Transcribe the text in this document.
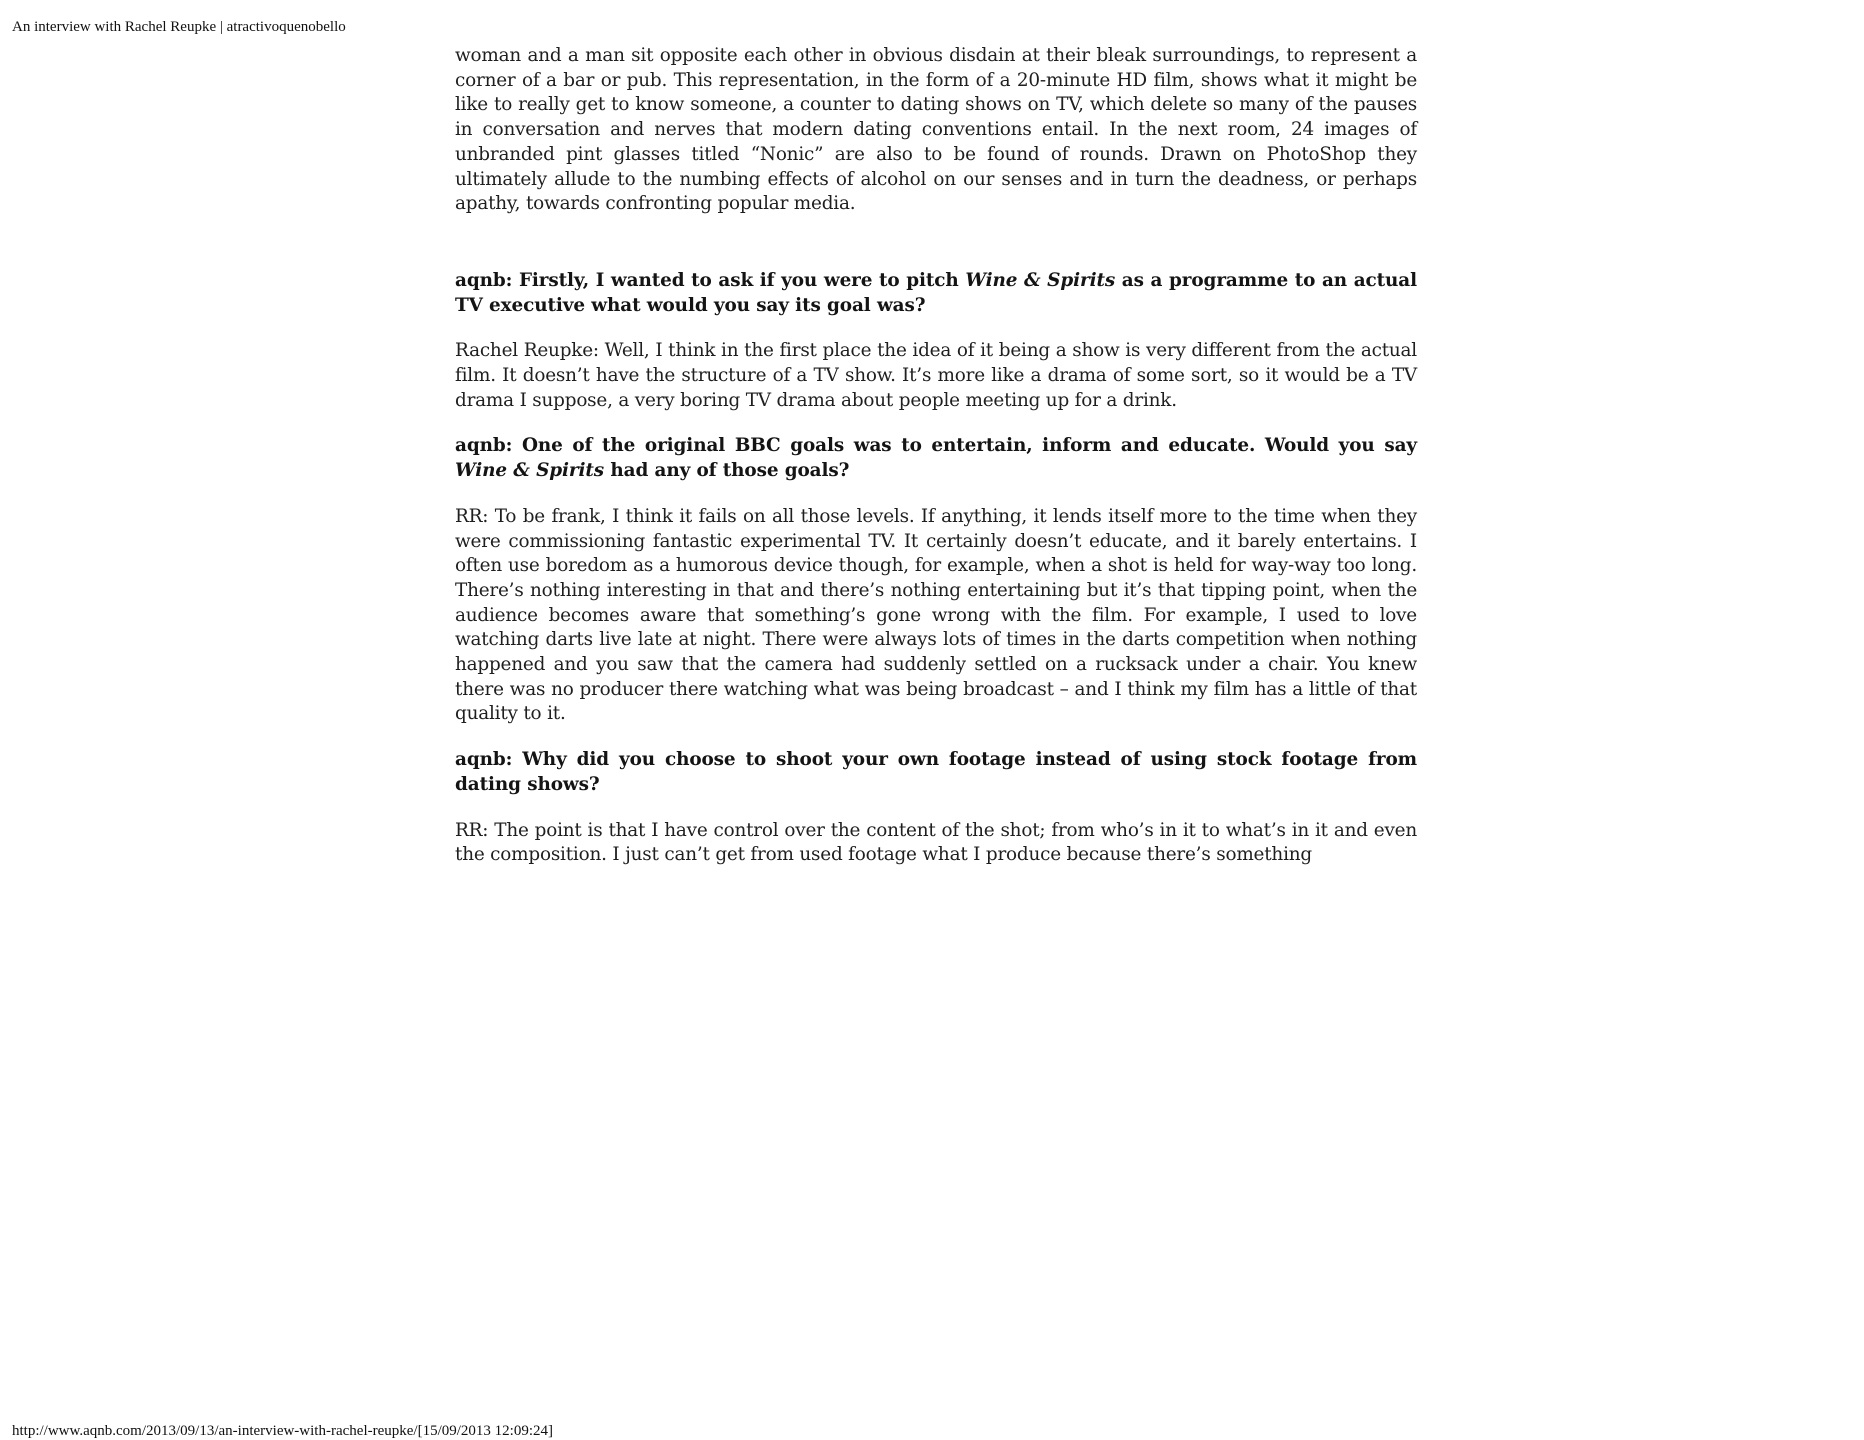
An interview with Rachel Reupke | atractivoquenobello

woman and a man sit opposite each other in obvious disdain at their bleak surroundings, to represent a corner of a bar or pub. This representation, in the form of a 20-minute HD film, shows what it might be like to really get to know someone, a counter to dating shows on TV, which delete so many of the pauses in conversation and nerves that modern dating conventions entail. In the next room, 24 images of unbranded pint glasses titled “Nonic” are also to be found of rounds. Drawn on PhotoShop they ultimately allude to the numbing effects of alcohol on our senses and in turn the deadness, or perhaps apathy, towards confronting popular media.

aqnb: Firstly, I wanted to ask if you were to pitch Wine & Spirits as a programme to an actual TV executive what would you say its goal was?

Rachel Reupke: Well, I think in the first place the idea of it being a show is very different from the actual film. It doesn’t have the structure of a TV show. It’s more like a drama of some sort, so it would be a TV drama I suppose, a very boring TV drama about people meeting up for a drink.

aqnb: One of the original BBC goals was to entertain, inform and educate. Would you say Wine & Spirits had any of those goals?

RR: To be frank, I think it fails on all those levels. If anything, it lends itself more to the time when they were commissioning fantastic experimental TV. It certainly doesn’t educate, and it barely entertains. I often use boredom as a humorous device though, for example, when a shot is held for way-way too long. There’s nothing interesting in that and there’s nothing entertaining but it’s that tipping point, when the audience becomes aware that something’s gone wrong with the film. For example, I used to love watching darts live late at night. There were always lots of times in the darts competition when nothing happened and you saw that the camera had suddenly settled on a rucksack under a chair. You knew there was no producer there watching what was being broadcast – and I think my film has a little of that quality to it.

aqnb: Why did you choose to shoot your own footage instead of using stock footage from dating shows?

RR: The point is that I have control over the content of the shot; from who’s in it to what’s in it and even the composition. I just can’t get from used footage what I produce because there’s something

http://www.aqnb.com/2013/09/13/an-interview-with-rachel-reupke/[15/09/2013 12:09:24]
